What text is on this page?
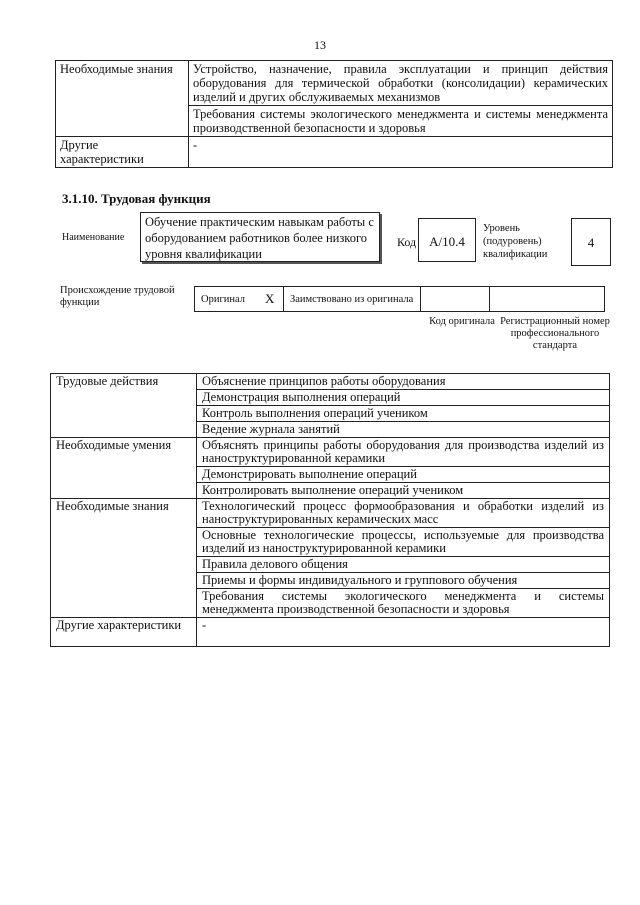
13
Необходимые знания	Устройство, назначение, правила эксплуатации и принцип действия оборудования для термической обработки (консолидации) керамических изделий и других обслуживаемых механизмов
	Требования системы экологического менеджмента и системы менеджмента производственной безопасности и здоровья
Другие характеристики	-
3.1.10. Трудовая функция
Наименование
Обучение практическим навыкам работы с оборудованием работников более низкого уровня квалификации
Код А/10.4
Уровень (подуровень) квалификации
4
Происхождение трудовой функции	Оригинал	X	Заимствовано из оригинала		
Код оригинала Регистрационный номер профессионального стандарта
Трудовые действия	Объяснение принципов работы оборудования
	Демонстрация выполнения операций
	Контроль выполнения операций учеником
	Ведение журнала занятий
Необходимые умения	Объяснять принципы работы оборудования для производства изделий из наноструктурированной керамики
	Демонстрировать выполнение операций
	Контролировать выполнение операций учеником
Необходимые знания	Технологический процесс формообразования и обработки изделий из наноструктурированных керамических масс
	Основные технологические процессы, используемые для производства изделий из наноструктурированной керамики
	Правила делового общения
	Приемы и формы индивидуального и группового обучения
	Требования системы экологического менеджмента и системы менеджмента производственной безопасности и здоровья
Другие характеристики	-
